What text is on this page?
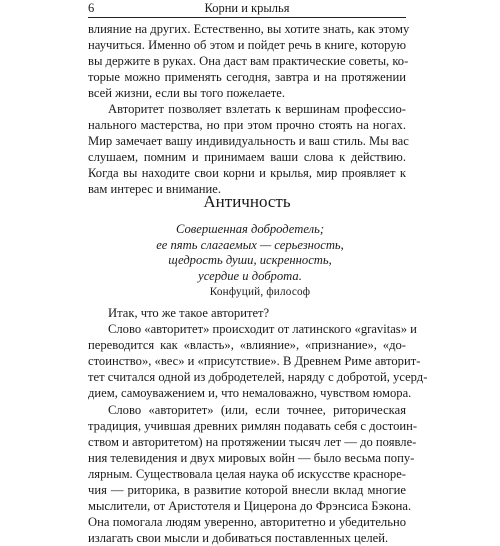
6	Корни и крылья

влияние на других. Естественно, вы хотите знать, как этому
научиться. Именно об этом и пойдет речь в книге, которую
вы держите в руках. Она даст вам практические советы, ко-
торые можно применять сегодня, завтра и на протяжении
всей жизни, если вы того пожелаете.

Авторитет позволяет взлетать к вершинам профессио-
нального мастерства, но при этом прочно стоять на ногах.
Мир замечает вашу индивидуальность и ваш стиль. Мы вас
слушаем, помним и принимаем ваши слова к действию.
Когда вы находите свои корни и крылья, мир проявляет к
вам интерес и внимание.

Античность
Совершенная добродетель;
ее пять слагаемых — серьезность,
щедрость души, искренность,
усердие и доброта.
Конфуций, философ

Итак, что же такое авторитет?

Слово «авторитет» происходит от латинского «gravitas» и
переводится как «власть», «влияние», «признание», «до-
стоинство», «вес» и «присутствие». В Древнем Риме авторит-
тет считался одной из добродетелей, наряду с добротой, усерд-
дием, самоуважением и, что немаловажно, чувством юмора.

Слово «авторитет» (или, если точнее, риторическая
традиция, учившая древних римлян подавать себя с достоин-
ством и авторитетом) на протяжении тысяч лет — до появле-
ния телевидения и двух мировых войн — было весьма попу-
лярным. Существовала целая наука об искусстве красноре-
чия — риторика, в развитие которой внесли вклад многие
мыслители, от Аристотеля и Цицерона до Фрэнсиса Бэкона.
Она помогала людям уверенно, авторитетно и убедительно
излагать свои мысли и добиваться поставленных целей.
